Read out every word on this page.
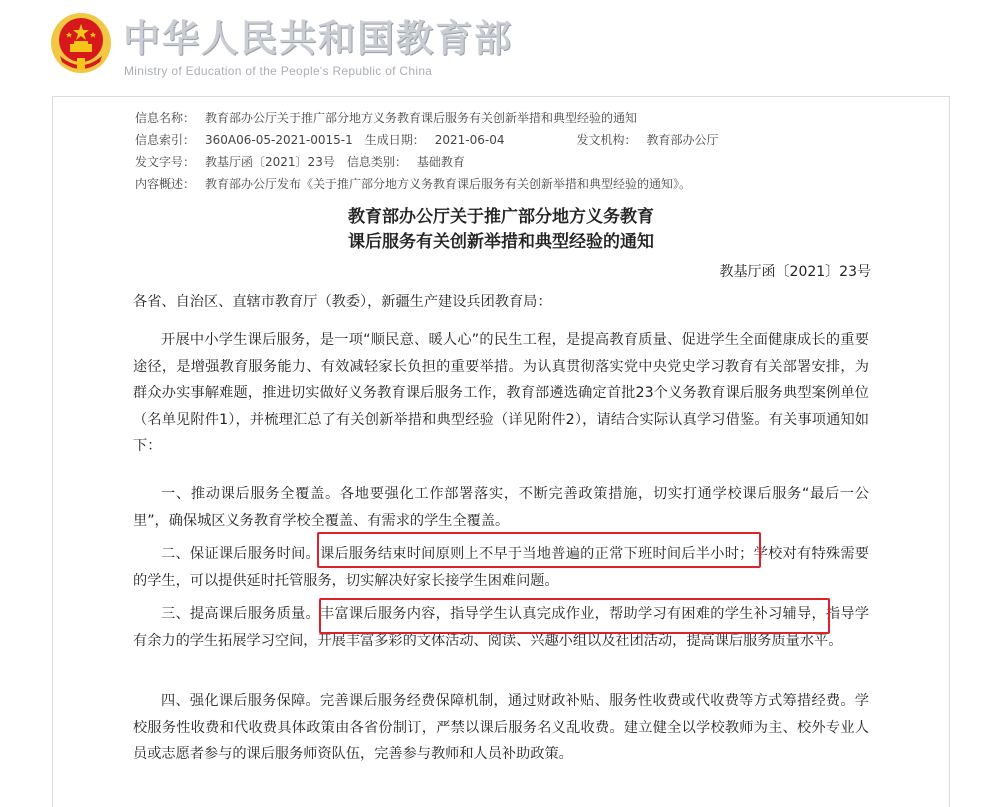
中华人民共和国教育部
Ministry of Education of the People's Republic of China
信息名称： 教育部办公厅关于推广部分地方义务教育课后服务有关创新举措和典型经验的通知
信息索引： 360A06-05-2021-0015-1 生成日期： 2021-06-04	发文机构： 教育部办公厅
发文字号： 教基厅函〔2021〕23号 信息类别： 基础教育
内容概述： 教育部办公厅发布《关于推广部分地方义务教育课后服务有关创新举措和典型经验的通知》。
教育部办公厅关于推广部分地方义务教育
课后服务有关创新举措和典型经验的通知
教基厅函〔2021〕23号
各省、自治区、直辖市教育厅（教委），新疆生产建设兵团教育局：
开展中小学生课后服务，是一项“顺民意、暖人心”的民生工程，是提高教育质量、促进学生全面健康成长的重要途径，是增强教育服务能力、有效减轻家长负担的重要举措。为认真贯彻落实党中央党史学习教育有关部署安排，为群众办实事解难题，推进切实做好义务教育课后服务工作，教育部遴选确定首批23个义务教育课后服务典型案例单位（名单见附件1），并梳理汇总了有关创新举措和典型经验（详见附件2），请结合实际认真学习借鉴。有关事项通知如下：
一、推动课后服务全覆盖。各地要强化工作部署落实，不断完善政策措施，切实打通学校课后服务“最后一公里”，确保城区义务教育学校全覆盖、有需求的学生全覆盖。
二、保证课后服务时间。课后服务结束时间原则上不早于当地普遍的正常下班时间后半小时；学校对有特殊需要的学生，可以提供延时托管服务，切实解决好家长接学生困难问题。
三、提高课后服务质量。丰富课后服务内容，指导学生认真完成作业，帮助学习有困难的学生补习辅导，指导学有余力的学生拓展学习空间，开展丰富多彩的文体活动、阅读、兴趣小组以及社团活动，提高课后服务质量水平。
四、强化课后服务保障。完善课后服务经费保障机制，通过财政补贴、服务性收费或代收费等方式筹措经费。学校服务性收费和代收费具体政策由各省份制订，严禁以课后服务名义乱收费。建立健全以学校教师为主、校外专业人员或志愿者参与的课后服务师资队伍，完善参与教师和人员补助政策。
